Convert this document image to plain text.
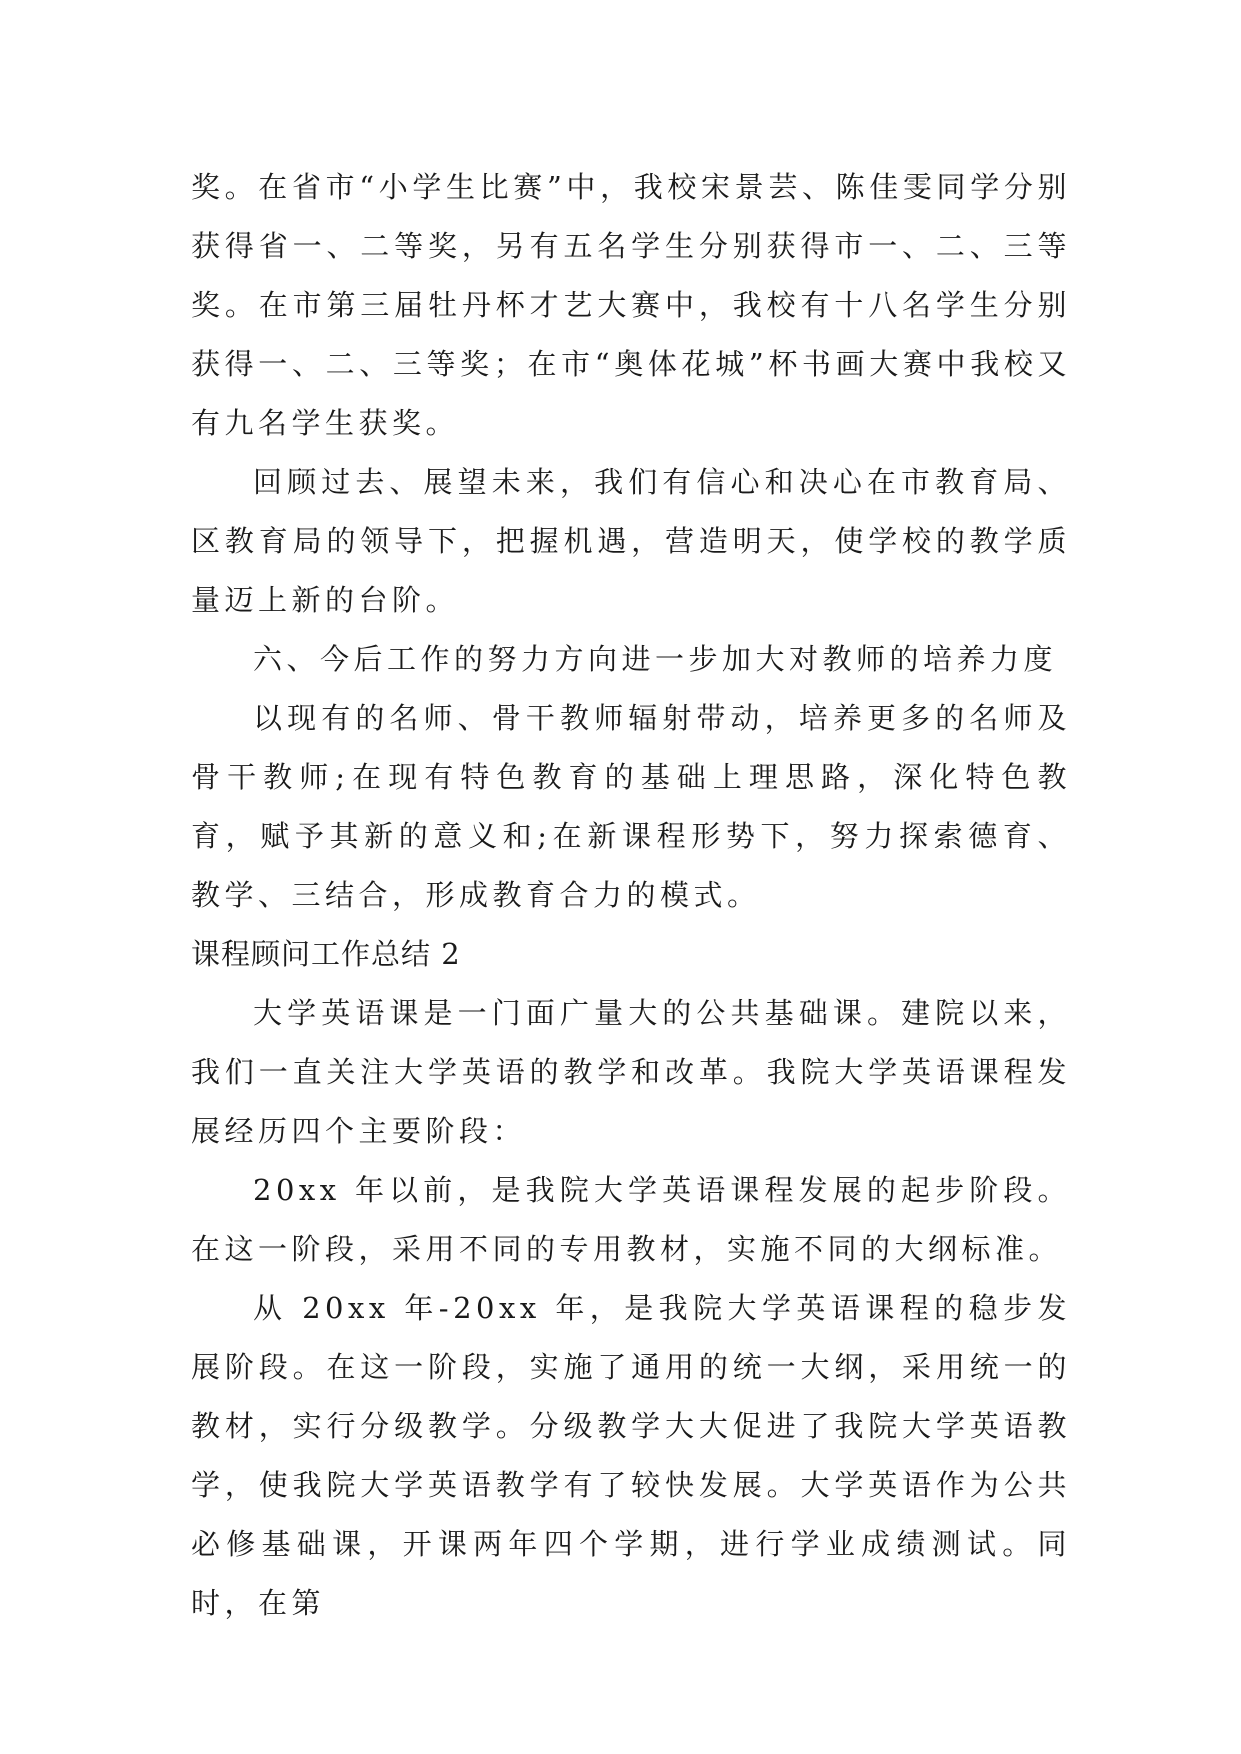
奖。在省市“小学生比赛”中，我校宋景芸、陈佳雯同学分别获得省一、二等奖，另有五名学生分别获得市一、二、三等奖。在市第三届牡丹杯才艺大赛中，我校有十八名学生分别获得一、二、三等奖；在市“奥体花城”杯书画大赛中我校又有九名学生获奖。

回顾过去、展望未来，我们有信心和决心在市教育局、区教育局的领导下，把握机遇，营造明天，使学校的教学质量迈上新的台阶。

六、今后工作的努力方向进一步加大对教师的培养力度

以现有的名师、骨干教师辐射带动，培养更多的名师及骨干教师;在现有特色教育的基础上理思路，深化特色教育，赋予其新的意义和;在新课程形势下，努力探索德育、教学、三结合，形成教育合力的模式。

课程顾问工作总结 2

大学英语课是一门面广量大的公共基础课。建院以来，我们一直关注大学英语的教学和改革。我院大学英语课程发展经历四个主要阶段：

20xx 年以前，是我院大学英语课程发展的起步阶段。在这一阶段，采用不同的专用教材，实施不同的大纲标准。

从 20xx 年-20xx 年，是我院大学英语课程的稳步发展阶段。在这一阶段，实施了通用的统一大纲，采用统一的教材，实行分级教学。分级教学大大促进了我院大学英语教学，使我院大学英语教学有了较快发展。大学英语作为公共必修基础课，开课两年四个学期，进行学业成绩测试。同时，在第
